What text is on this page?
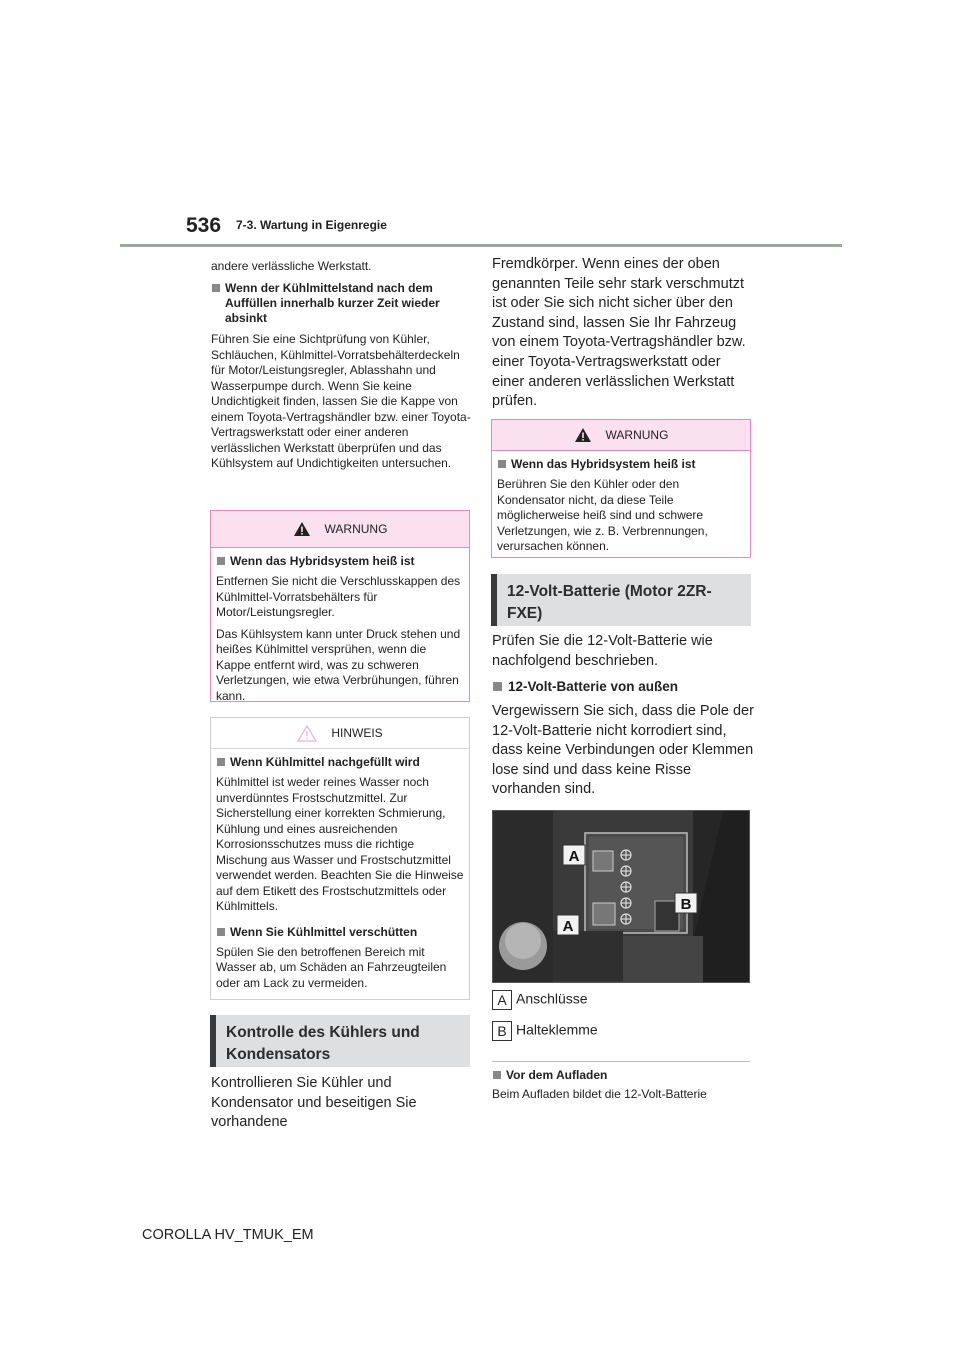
536 7-3. Wartung in Eigenregie
andere verlässliche Werkstatt.
Wenn der Kühlmittelstand nach dem Auffüllen innerhalb kurzer Zeit wieder absinkt
Führen Sie eine Sichtprüfung von Kühler, Schläuchen, Kühlmittel-Vorratsbehälterdeckeln für Motor/Leistungsregler, Ablasshahn und Wasserpumpe durch. Wenn Sie keine Undichtigkeit finden, lassen Sie die Kappe von einem Toyota-Vertragshändler bzw. einer Toyota-Vertragswerkstatt oder einer anderen verlässlichen Werkstatt überprüfen und das Kühlsystem auf Undichtigkeiten untersuchen.
WARNUNG
Wenn das Hybridsystem heiß ist

Entfernen Sie nicht die Verschlusskappen des Kühlmittel-Vorratsbehälters für Motor/Leistungsregler.

Das Kühlsystem kann unter Druck stehen und heißes Kühlmittel versprühen, wenn die Kappe entfernt wird, was zu schweren Verletzungen, wie etwa Verbrühungen, führen kann.

HINWEIS
Wenn Kühlmittel nachgefüllt wird

Kühlmittel ist weder reines Wasser noch unverdünntes Frostschutzmittel. Zur Sicherstellung einer korrekten Schmierung, Kühlung und eines ausreichenden Korrosionsschutzes muss die richtige Mischung aus Wasser und Frostschutzmittel verwendet werden. Beachten Sie die Hinweise auf dem Etikett des Frostschutzmittels oder Kühlmittels.

Wenn Sie Kühlmittel verschütten

Spülen Sie den betroffenen Bereich mit Wasser ab, um Schäden an Fahrzeugteilen oder am Lack zu vermeiden.

Kontrolle des Kühlers und Kondensators
Kontrollieren Sie Kühler und Kondensator und beseitigen Sie vorhandene
Fremdkörper. Wenn eines der oben genannten Teile sehr stark verschmutzt ist oder Sie sich nicht sicher über den Zustand sind, lassen Sie Ihr Fahrzeug von einem Toyota-Vertragshändler bzw. einer Toyota-Vertragswerkstatt oder einer anderen verlässlichen Werkstatt prüfen.
WARNUNG
Wenn das Hybridsystem heiß ist

Berühren Sie den Kühler oder den Kondensator nicht, da diese Teile möglicherweise heiß sind und schwere Verletzungen, wie z. B. Verbrennungen, verursachen können.

12-Volt-Batterie (Motor 2ZR-FXE)
Prüfen Sie die 12-Volt-Batterie wie nachfolgend beschrieben.
12-Volt-Batterie von außen
Vergewissern Sie sich, dass die Pole der 12-Volt-Batterie nicht korrodiert sind, dass keine Verbindungen oder Klemmen lose sind und dass keine Risse vorhanden sind.
A
A
B
A Anschlüsse
B Halteklemme
Vor dem Aufladen
Beim Aufladen bildet die 12-Volt-Batterie
COROLLA HV_TMUK_EM
